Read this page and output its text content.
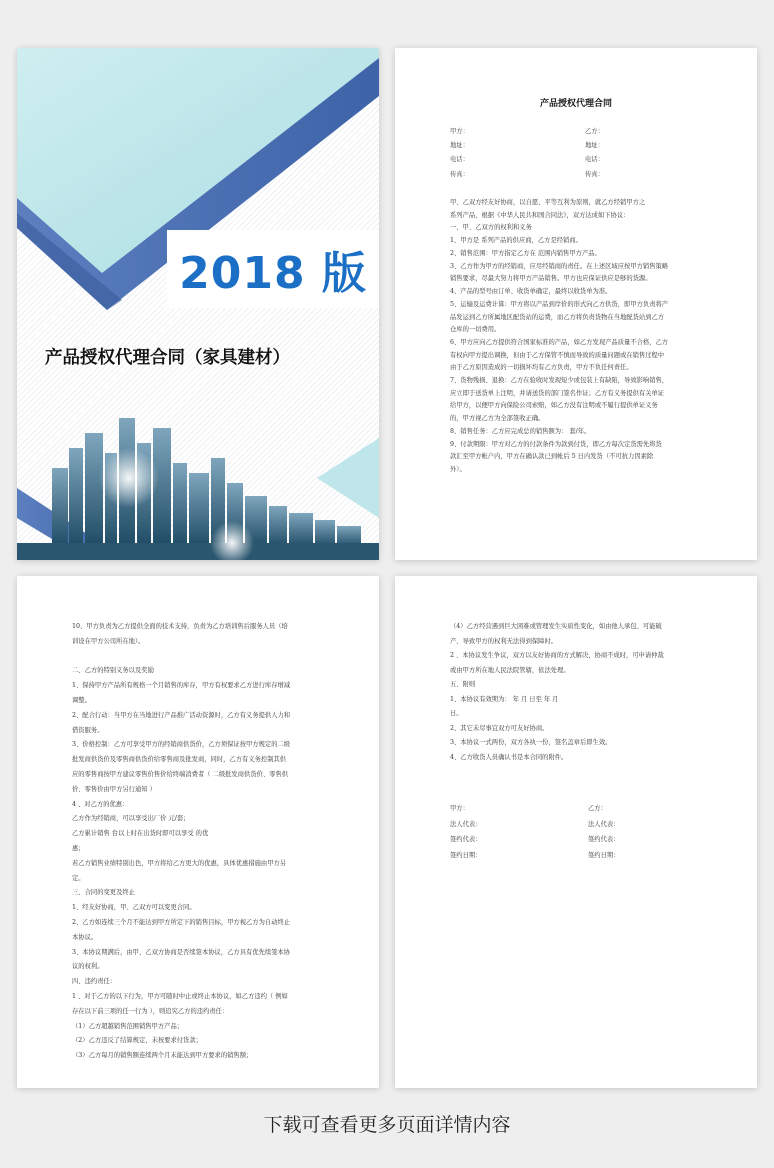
2018 版
产品授权代理合同（家具建材）
产品授权代理合同
甲方：	乙方：
地址：	地址：
电话：	电话：
传真：	传真：
甲、乙双方经友好协商，以自愿、平等互利为原则，就乙方经销甲方之
系列产品，根据《中华人民共和国合同法》，双方达成如下协议：
一、甲、乙双方的权利和义务
1、甲方是 系列产品的供应商，乙方是经销商。
2、销售范围：甲方指定乙方在 范围内销售甲方产品。
3、乙方作为甲方的经销商，应尽经销商的责任。在上述区域应按甲方销售策略
销售要求，尽最大努力将甲方产品销售。甲方也应保证供应是够的货源。
4、产品的型号由订单、收货单确定，最终以收货单为准。
5、运输及运费计算：甲方将以产品到岸价的形式向乙方供货，即甲方负责将产
品发运到乙方所属地区配货站的运费，而乙方将负责货物在当地配货站到乙方
仓库的一切费用。
6、甲方应向乙方提供符合国家标准的产品，如乙方发现产品质量不合格，乙方
有权向甲方提出调换，但由于乙方保管不慎而导致的质量问题或在销售过程中
由于乙方原因造成的一切损坏均有乙方负责，甲方不负任何责任。
7、货物残损、退换：乙方在验收时发现短少或包装上有缺陷，导致影响销售，
应立即于送货单上注明，并请送货的部门签名作证；乙方有义务提供有关单证
给甲方，以便甲方向保险公司索赔，如乙方没有注明或不履行提供单证义务
的，甲方视乙方为全部签收正确。
8、销售任务：乙方应完成总的销售额为： 套/年。
9、付款期限：甲方对乙方的付款条件为款到付货，即乙方每次定货需先将货
款汇至甲方帐户内，甲方在确认款已到帐后 5 日内发货（不可抗力因素除
外）。
10、甲方负责为乙方提供全面的技术支持，负责为乙方培训售后服务人员（培
训设在甲方公司所在地）。
二、乙方的特别义务以及奖励
1、保持甲方产品所有规格一个月销售的库存，甲方有权要求乙方进行库存增减
调整。
2、配合行动：当甲方在当地进行产品推广活动资源时，乙方有义务提供人力和
借资服务。
3、价格控制：乙方可享受甲方的经销商供货价，乙方须保证按甲方规定的二级
批发商供货价及零售商供货价给零售商及批发商，同时，乙方有义务控制其供
应的零售商按甲方建议零售价售价给终端消费者（ 二级批发商供货价、零售供
价、零售价由甲方另行通知 ）
4 、对乙方的优惠：
乙方作为经销商，可以享受出厂价 元/套；
乙方累计销售 台以上时在出货时即可以享受 的优
惠；
若乙方销售业绩特别出色，甲方将给乙方更大的优惠，具体优惠措施由甲方另
定。
三、合同的变更及终止
1、经友好协商，甲、乙双方可以变更合同。
2、乙方如连续三个月不能达到甲方所定下的销售目标，甲方视乙方为自动终止
本协议。
3、本协议期满后，由甲、乙双方协商是否续签本协议，乙方具有优先续签本协
议的权利。
四、违约责任：
1 、对于乙方的以下行为，甲方可随时中止或终止本协议，如乙方违约（ 例如
存在以下前三项的任一行为 ），则追究乙方的违约责任：
（1）乙方超越销售范围销售甲方产品；
（2）乙方违反了结算规定，未按要求付货款；
（3）乙方每月的销售额连续两个月未能达到甲方要求的销售额；
（4）乙方经营遇到巨大困难或管理发生实质性变化，如由他人承包、可能破
产、导致甲方的权利无法得到保障时。
2 、本协议发生争议，双方以友好协商的方式解决，协商不成时，可申请仲裁
或由甲方所在地人民法院管辖，依法处理。
五、附则
1、本协议有效期为： 年 月 日至 年 月
日。
2、其它未尽事宜双方可友好协商。
3、本协议一式两份，双方各执一份，签名盖章后即生效。
4、乙方收货人员确认书是本合同的附件。
甲方：	乙方：
法人代表：	法人代表：
签约代表：	签约代表：
签约日期：	签约日期：
下载可查看更多页面详情内容
